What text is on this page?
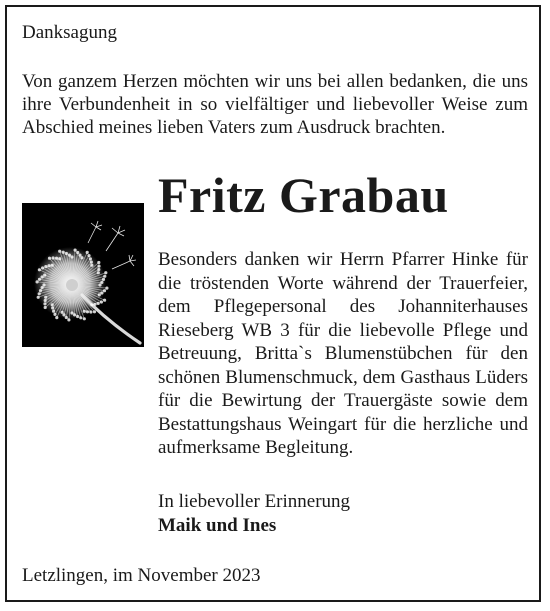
Danksagung
Von ganzem Herzen möchten wir uns bei allen bedanken, die uns ihre Verbundenheit in so vielfältiger und liebevoller Weise zum Abschied meines lieben Vaters zum Ausdruck brachten.
Fritz Grabau
Besonders danken wir Herrn Pfarrer Hinke für die tröstenden Worte während der Trauerfeier, dem Pflegepersonal des Johanniterhauses Rieseberg WB 3 für die liebevolle Pflege und Betreuung, Britta`s Blumenstübchen für den schönen Blumenschmuck, dem Gasthaus Lüders für die Bewirtung der Trauergäste sowie dem Bestattungshaus Weingart für die herzliche und aufmerksame Begleitung.
In liebevoller Erinnerung
Maik und Ines
Letzlingen, im November 2023
